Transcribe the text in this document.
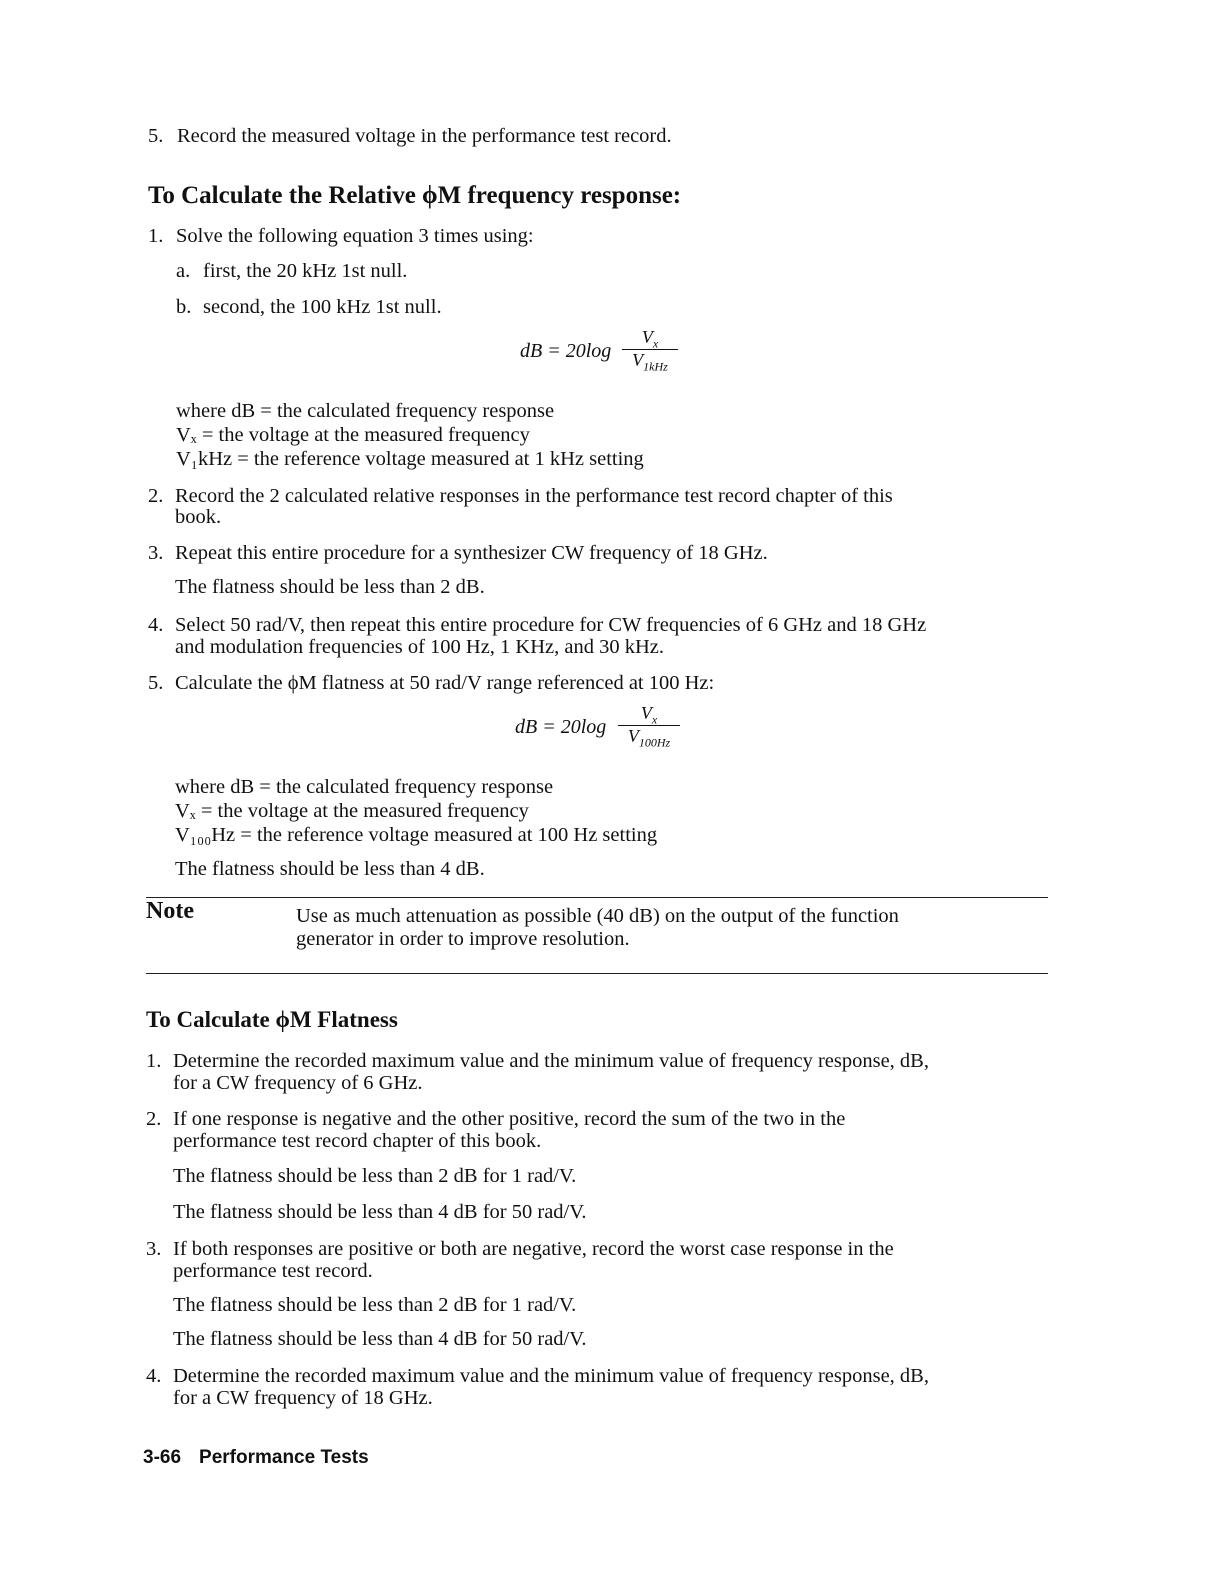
5. Record the measured voltage in the performance test record.
To Calculate the Relative ϕM frequency response:
1. Solve the following equation 3 times using:
a. first, the 20 kHz 1st null.
b. second, the 100 kHz 1st null.
dB = 20log
$V_x$
$V_{1kHz}$
where dB = the calculated frequency response
Vₓ = the voltage at the measured frequency
V₁kHz = the reference voltage measured at 1 kHz setting
2. Record the 2 calculated relative responses in the performance test record chapter of this
book.
3. Repeat this entire procedure for a synthesizer CW frequency of 18 GHz.
The flatness should be less than 2 dB.
4. Select 50 rad/V, then repeat this entire procedure for CW frequencies of 6 GHz and 18 GHz
and modulation frequencies of 100 Hz, 1 KHz, and 30 kHz.
5. Calculate the ϕM flatness at 50 rad/V range referenced at 100 Hz:
dB = 20log
$V_x$
$V_{100Hz}$
where dB = the calculated frequency response
Vₓ = the voltage at the measured frequency
V₁₀₀Hz = the reference voltage measured at 100 Hz setting
The flatness should be less than 4 dB.
Note	Use as much attenuation as possible (40 dB) on the output of the function
generator in order to improve resolution.
To Calculate ϕM Flatness
1. Determine the recorded maximum value and the minimum value of frequency response, dB,
for a CW frequency of 6 GHz.
2. If one response is negative and the other positive, record the sum of the two in the
performance test record chapter of this book.
The flatness should be less than 2 dB for 1 rad/V.
The flatness should be less than 4 dB for 50 rad/V.
3. If both responses are positive or both are negative, record the worst case response in the
performance test record.
The flatness should be less than 2 dB for 1 rad/V.
The flatness should be less than 4 dB for 50 rad/V.
4. Determine the recorded maximum value and the minimum value of frequency response, dB,
for a CW frequency of 18 GHz.
3-66 Performance Tests
